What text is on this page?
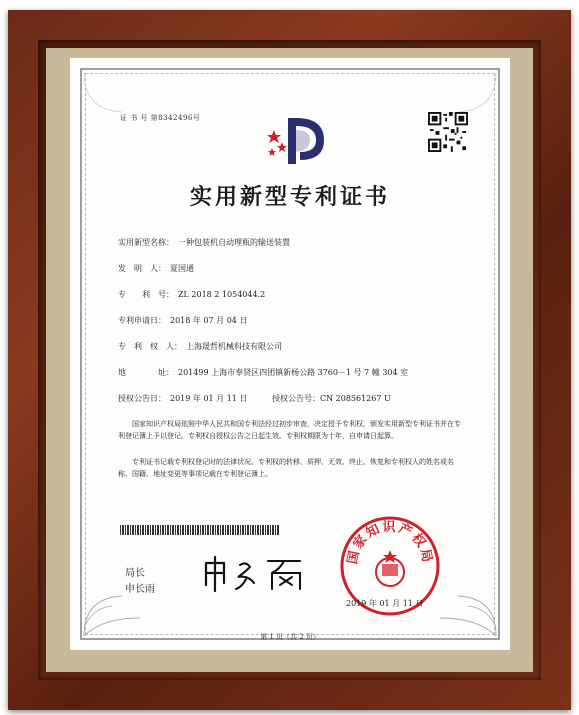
证 书 号 第8342496号
实用新型专利证书
实用新型名称： 一种包装机自动理瓶的输送装置
发　明　人： 夏国通
专　　利　号： ZL 2018 2 1054044.2
专利申请日： 2018 年 07 月 04 日
专　利　权　人： 上海晟哲机械科技有限公司
地　　　　址： 201499 上海市奉贤区四团镇新杨公路 3760－1 号 7 幢 304 室
授权公告日： 2019 年 01 月 11 日	授权公告号：CN 208561267 U
国家知识产权局依照中华人民共和国专利法经过初步审查，决定授予专利权，颁发实用新型专利证书并在专利登记簿上予以登记。专利权自授权公告之日起生效。专利权期限为十年，自申请日起算。
专利证书记载专利权登记时的法律状况。专利权的转移、质押、无效、终止、恢复和专利权人的姓名或名称、国籍、地址变更等事项记载在专利登记簿上。
局长
申长雨
国家知识产权局
2019 年 01 月 11 日
第 1 页（共 2 页）
